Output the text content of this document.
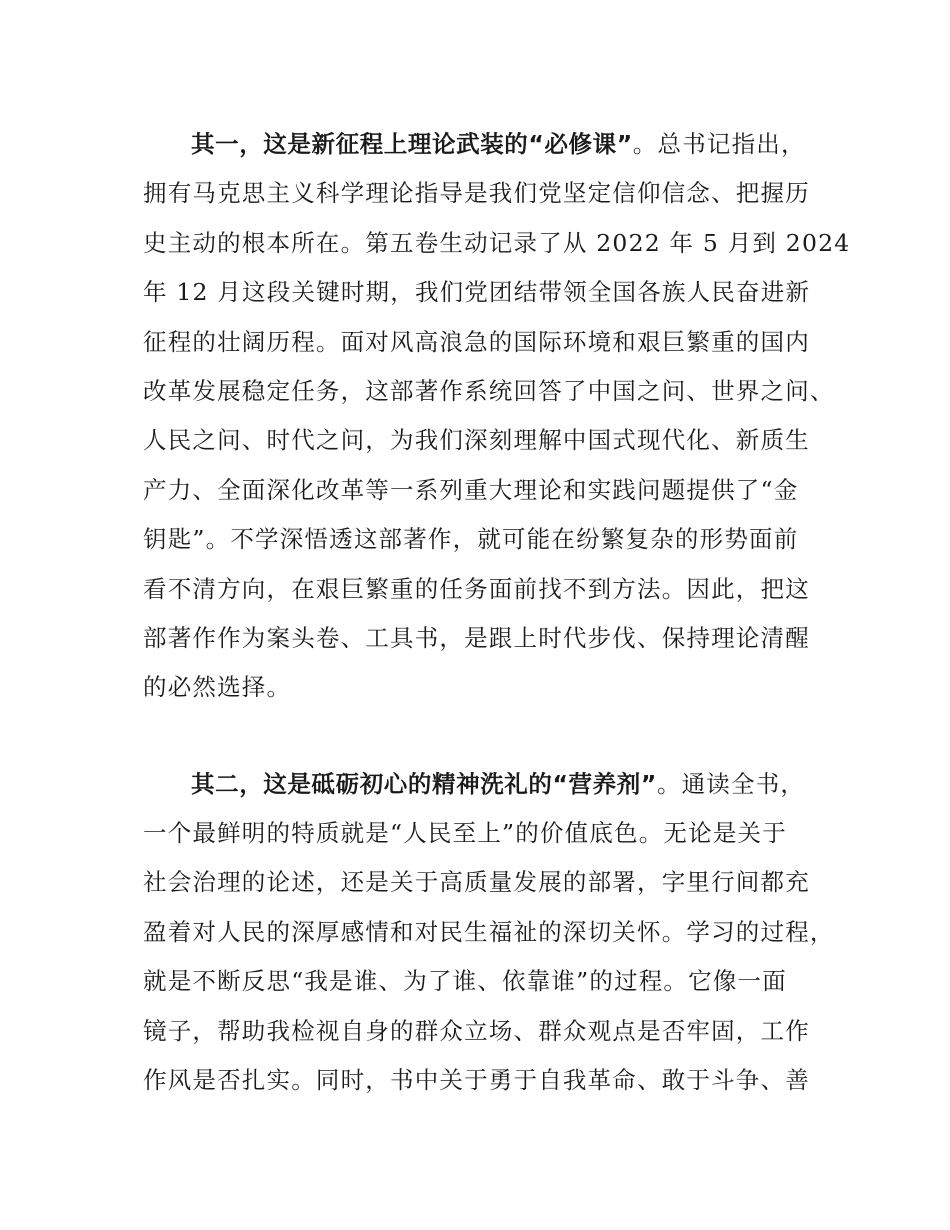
其一，这是新征程上理论武装的“必修课”。总书记指出，
拥有马克思主义科学理论指导是我们党坚定信仰信念、把握历
史主动的根本所在。第五卷生动记录了从 2022 年 5 月到 2024
年 12 月这段关键时期，我们党团结带领全国各族人民奋进新
征程的壮阔历程。面对风高浪急的国际环境和艰巨繁重的国内
改革发展稳定任务，这部著作系统回答了中国之问、世界之问、
人民之问、时代之问，为我们深刻理解中国式现代化、新质生
产力、全面深化改革等一系列重大理论和实践问题提供了“金
钥匙”。不学深悟透这部著作，就可能在纷繁复杂的形势面前
看不清方向，在艰巨繁重的任务面前找不到方法。因此，把这
部著作作为案头卷、工具书，是跟上时代步伐、保持理论清醒
的必然选择。
其二，这是砥砺初心的精神洗礼的“营养剂”。通读全书，
一个最鲜明的特质就是“人民至上”的价值底色。无论是关于
社会治理的论述，还是关于高质量发展的部署，字里行间都充
盈着对人民的深厚感情和对民生福祉的深切关怀。学习的过程，
就是不断反思“我是谁、为了谁、依靠谁”的过程。它像一面
镜子，帮助我检视自身的群众立场、群众观点是否牢固，工作
作风是否扎实。同时，书中关于勇于自我革命、敢于斗争、善
